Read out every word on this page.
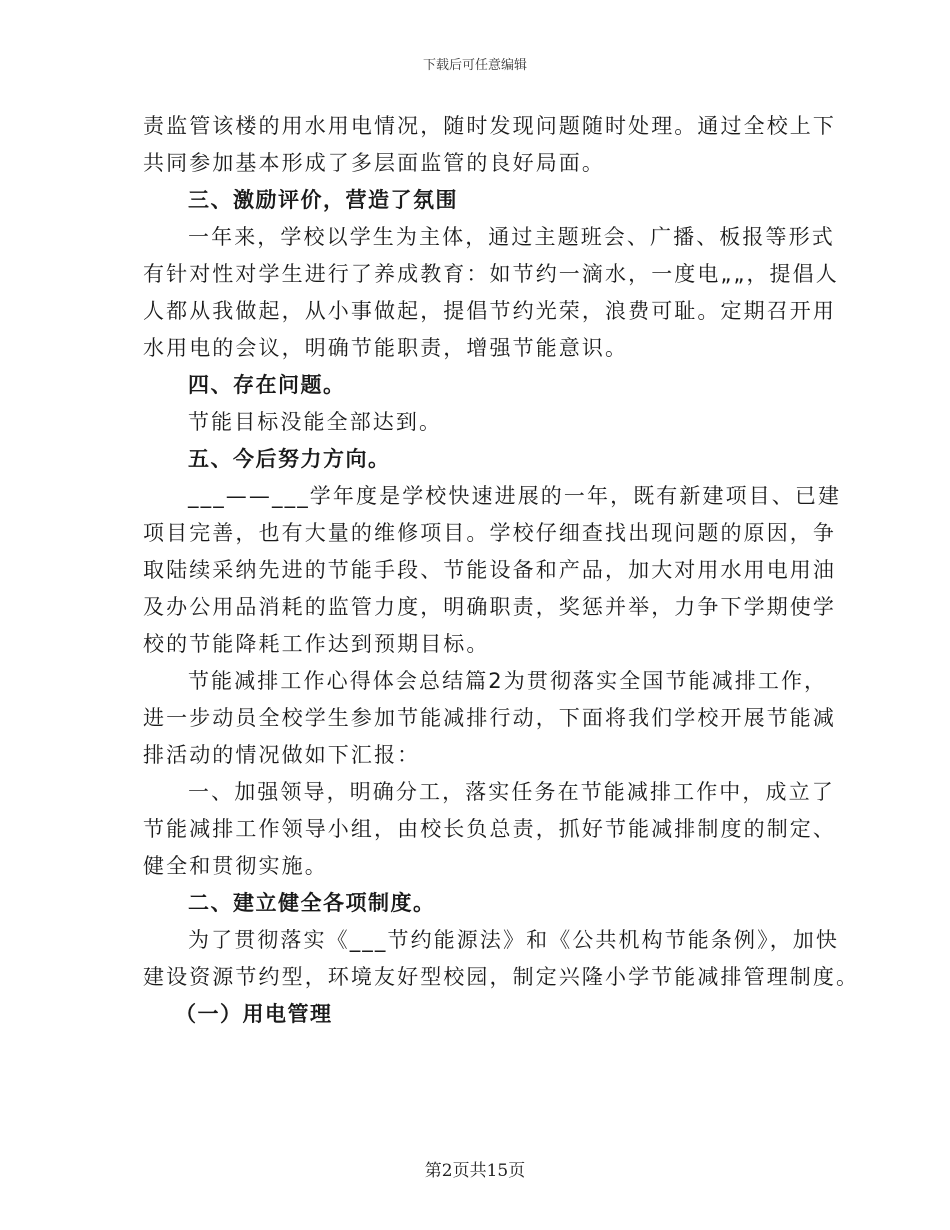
下载后可任意编辑
责监管该楼的用水用电情况，随时发现问题随时处理。通过全校上下
共同参加基本形成了多层面监管的良好局面。
三、激励评价，营造了氛围
一年来，学校以学生为主体，通过主题班会、广播、板报等形式
有针对性对学生进行了养成教育：如节约一滴水，一度电„„，提倡人
人都从我做起，从小事做起，提倡节约光荣，浪费可耻。定期召开用
水用电的会议，明确节能职责，增强节能意识。
四、存在问题。
节能目标没能全部达到。
五、今后努力方向。
___——___学年度是学校快速进展的一年，既有新建项目、已建
项目完善，也有大量的维修项目。学校仔细查找出现问题的原因，争
取陆续采纳先进的节能手段、节能设备和产品，加大对用水用电用油
及办公用品消耗的监管力度，明确职责，奖惩并举，力争下学期使学
校的节能降耗工作达到预期目标。
节能减排工作心得体会总结篇2为贯彻落实全国节能减排工作，
进一步动员全校学生参加节能减排行动，下面将我们学校开展节能减
排活动的情况做如下汇报：
一、加强领导，明确分工，落实任务在节能减排工作中，成立了
节能减排工作领导小组，由校长负总责，抓好节能减排制度的制定、
健全和贯彻实施。
二、建立健全各项制度。
为了贯彻落实《___节约能源法》和《公共机构节能条例》，加快
建设资源节约型，环境友好型校园，制定兴隆小学节能减排管理制度。
（一）用电管理
第2页共15页
